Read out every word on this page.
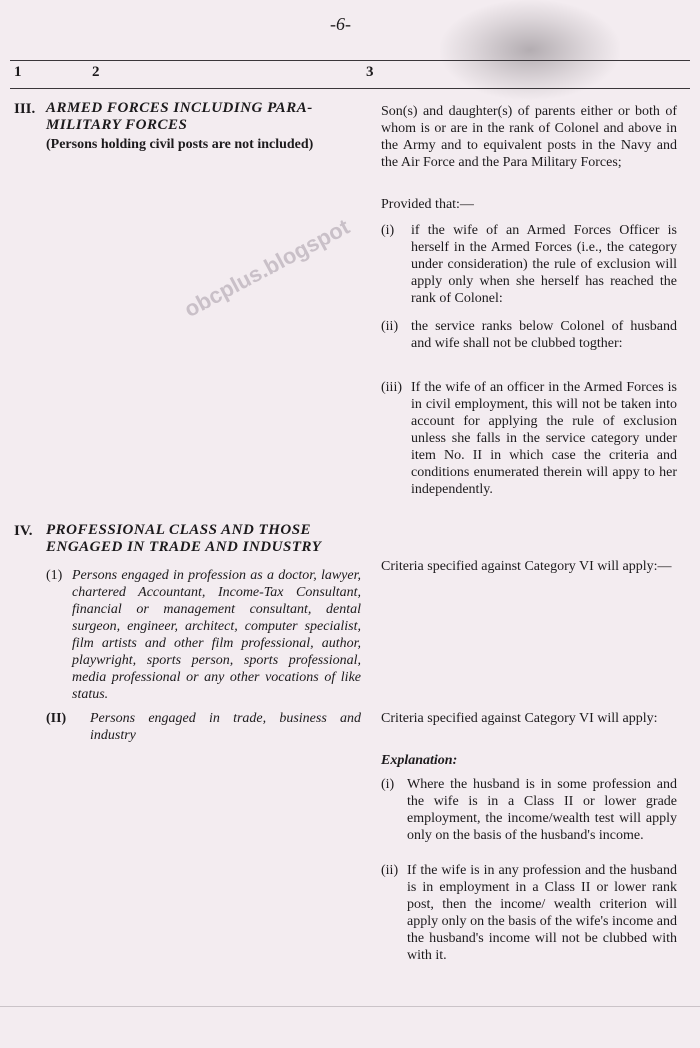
-6-
1	2	3
obcplus.blogspot
III. ARMED FORCES INCLUDING PARA-MILITARY FORCES
(Persons holding civil posts are not included)
Son(s) and daughter(s) of parents either or both of whom is or are in the rank of Colonel and above in the Army and to equivalent posts in the Navy and the Air Force and the Para Military Forces;
Provided that:—
(i) if the wife of an Armed Forces Officer is herself in the Armed Forces (i.e., the category under consideration) the rule of exclusion will apply only when she herself has reached the rank of Colonel:
(ii) the service ranks below Colonel of husband and wife shall not be clubbed togther:
(iii) If the wife of an officer in the Armed Forces is in civil employment, this will not be taken into account for applying the rule of exclusion unless she falls in the service category under item No. II in which case the criteria and conditions enumerated therein will appy to her independently.
IV. PROFESSIONAL CLASS AND THOSE ENGAGED IN TRADE AND INDUSTRY
(1) Persons engaged in profession as a doctor, lawyer, chartered Accountant, Income-Tax Consultant, financial or management consultant, dental surgeon, engineer, architect, computer specialist, film artists and other film professional, author, playwright, sports person, sports professional, media professional or any other vocations of like status.
Criteria specified against Category VI will apply:—
(II) Persons engaged in trade, business and industry
Criteria specified against Category VI will apply:
Explanation:
(i) Where the husband is in some profession and the wife is in a Class II or lower grade employment, the income/wealth test will apply only on the basis of the husband's income.
(ii) If the wife is in any profession and the husband is in employment in a Class II or lower rank post, then the income/ wealth criterion will apply only on the basis of the wife's income and the husband's income will not be clubbed with with it.
